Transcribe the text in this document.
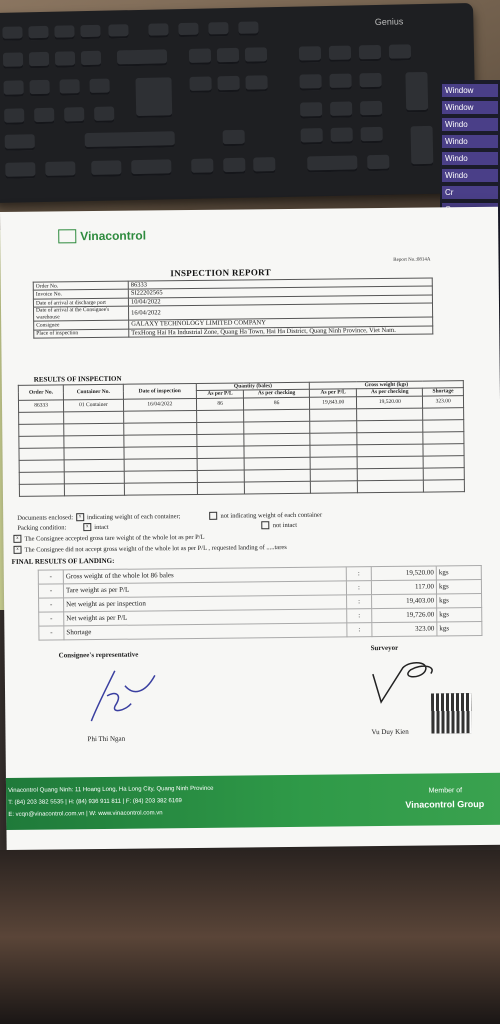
Genius
Window
Window
Windo
Windo
Windo
Windo
Cr
Vinacontrol
Report No.:0814A
INSPECTION REPORT
Order No.	86333
Invoice No.	SI22202565
Date of arrival at discharge port	10/04/2022
Date of arrival at the Consignee's warehouse	16/04/2022
Consignee	GALAXY TECHNOLOGY LIMITED COMPANY
Place of inspection	TexHong Hai Ha Industrial Zone, Quang Ha Town, Hai Ha District, Quang Ninh Province, Viet Nam.
RESULTS OF INSPECTION
Order No.	Container No.	Date of inspection	Quantity (bales)		Gross weight (kgs)		
			As per P/L	As per checking	As per P/L	As per checking	Shortage
86333	01 Container	16/04/2022	86	86	19,843.00	19,520.00	323.00

Documents enclosed:	x indicating weight of each container;	not indicating weight of each container
Packing condition:	x intact	not intact
x The Consignee accepted gross tare weight of the whole lot as per P/L
x The Consignee did not accept gross weight of the whole lot as per P/L , requested landing of .....tares
FINAL RESULTS OF LANDING:
-	Gross weight of the whole lot 86 bales	:	19,520.00	kgs
-	Tare weight as per P/L	:	117.00	kgs
-	Net weight as per inspection	:	19,403.00	kgs
-	Net weight as per P/L	:	19,726.00	kgs
-	Shortage	:	323.00	kgs
Consignee's representative
Surveyor
Phi Thi Ngan
Vu Duy Kien
Vinacontrol Quang Ninh: 11 Hoang Long, Ha Long City, Quang Ninh Province
T: (84) 203 382 5535 | H: (84) 936 911 811 | F: (84) 203 382 6169
E: vcqn@vinacontrol.com.vn | W: www.vinacontrol.com.vn
Member of
Vinacontrol Group
